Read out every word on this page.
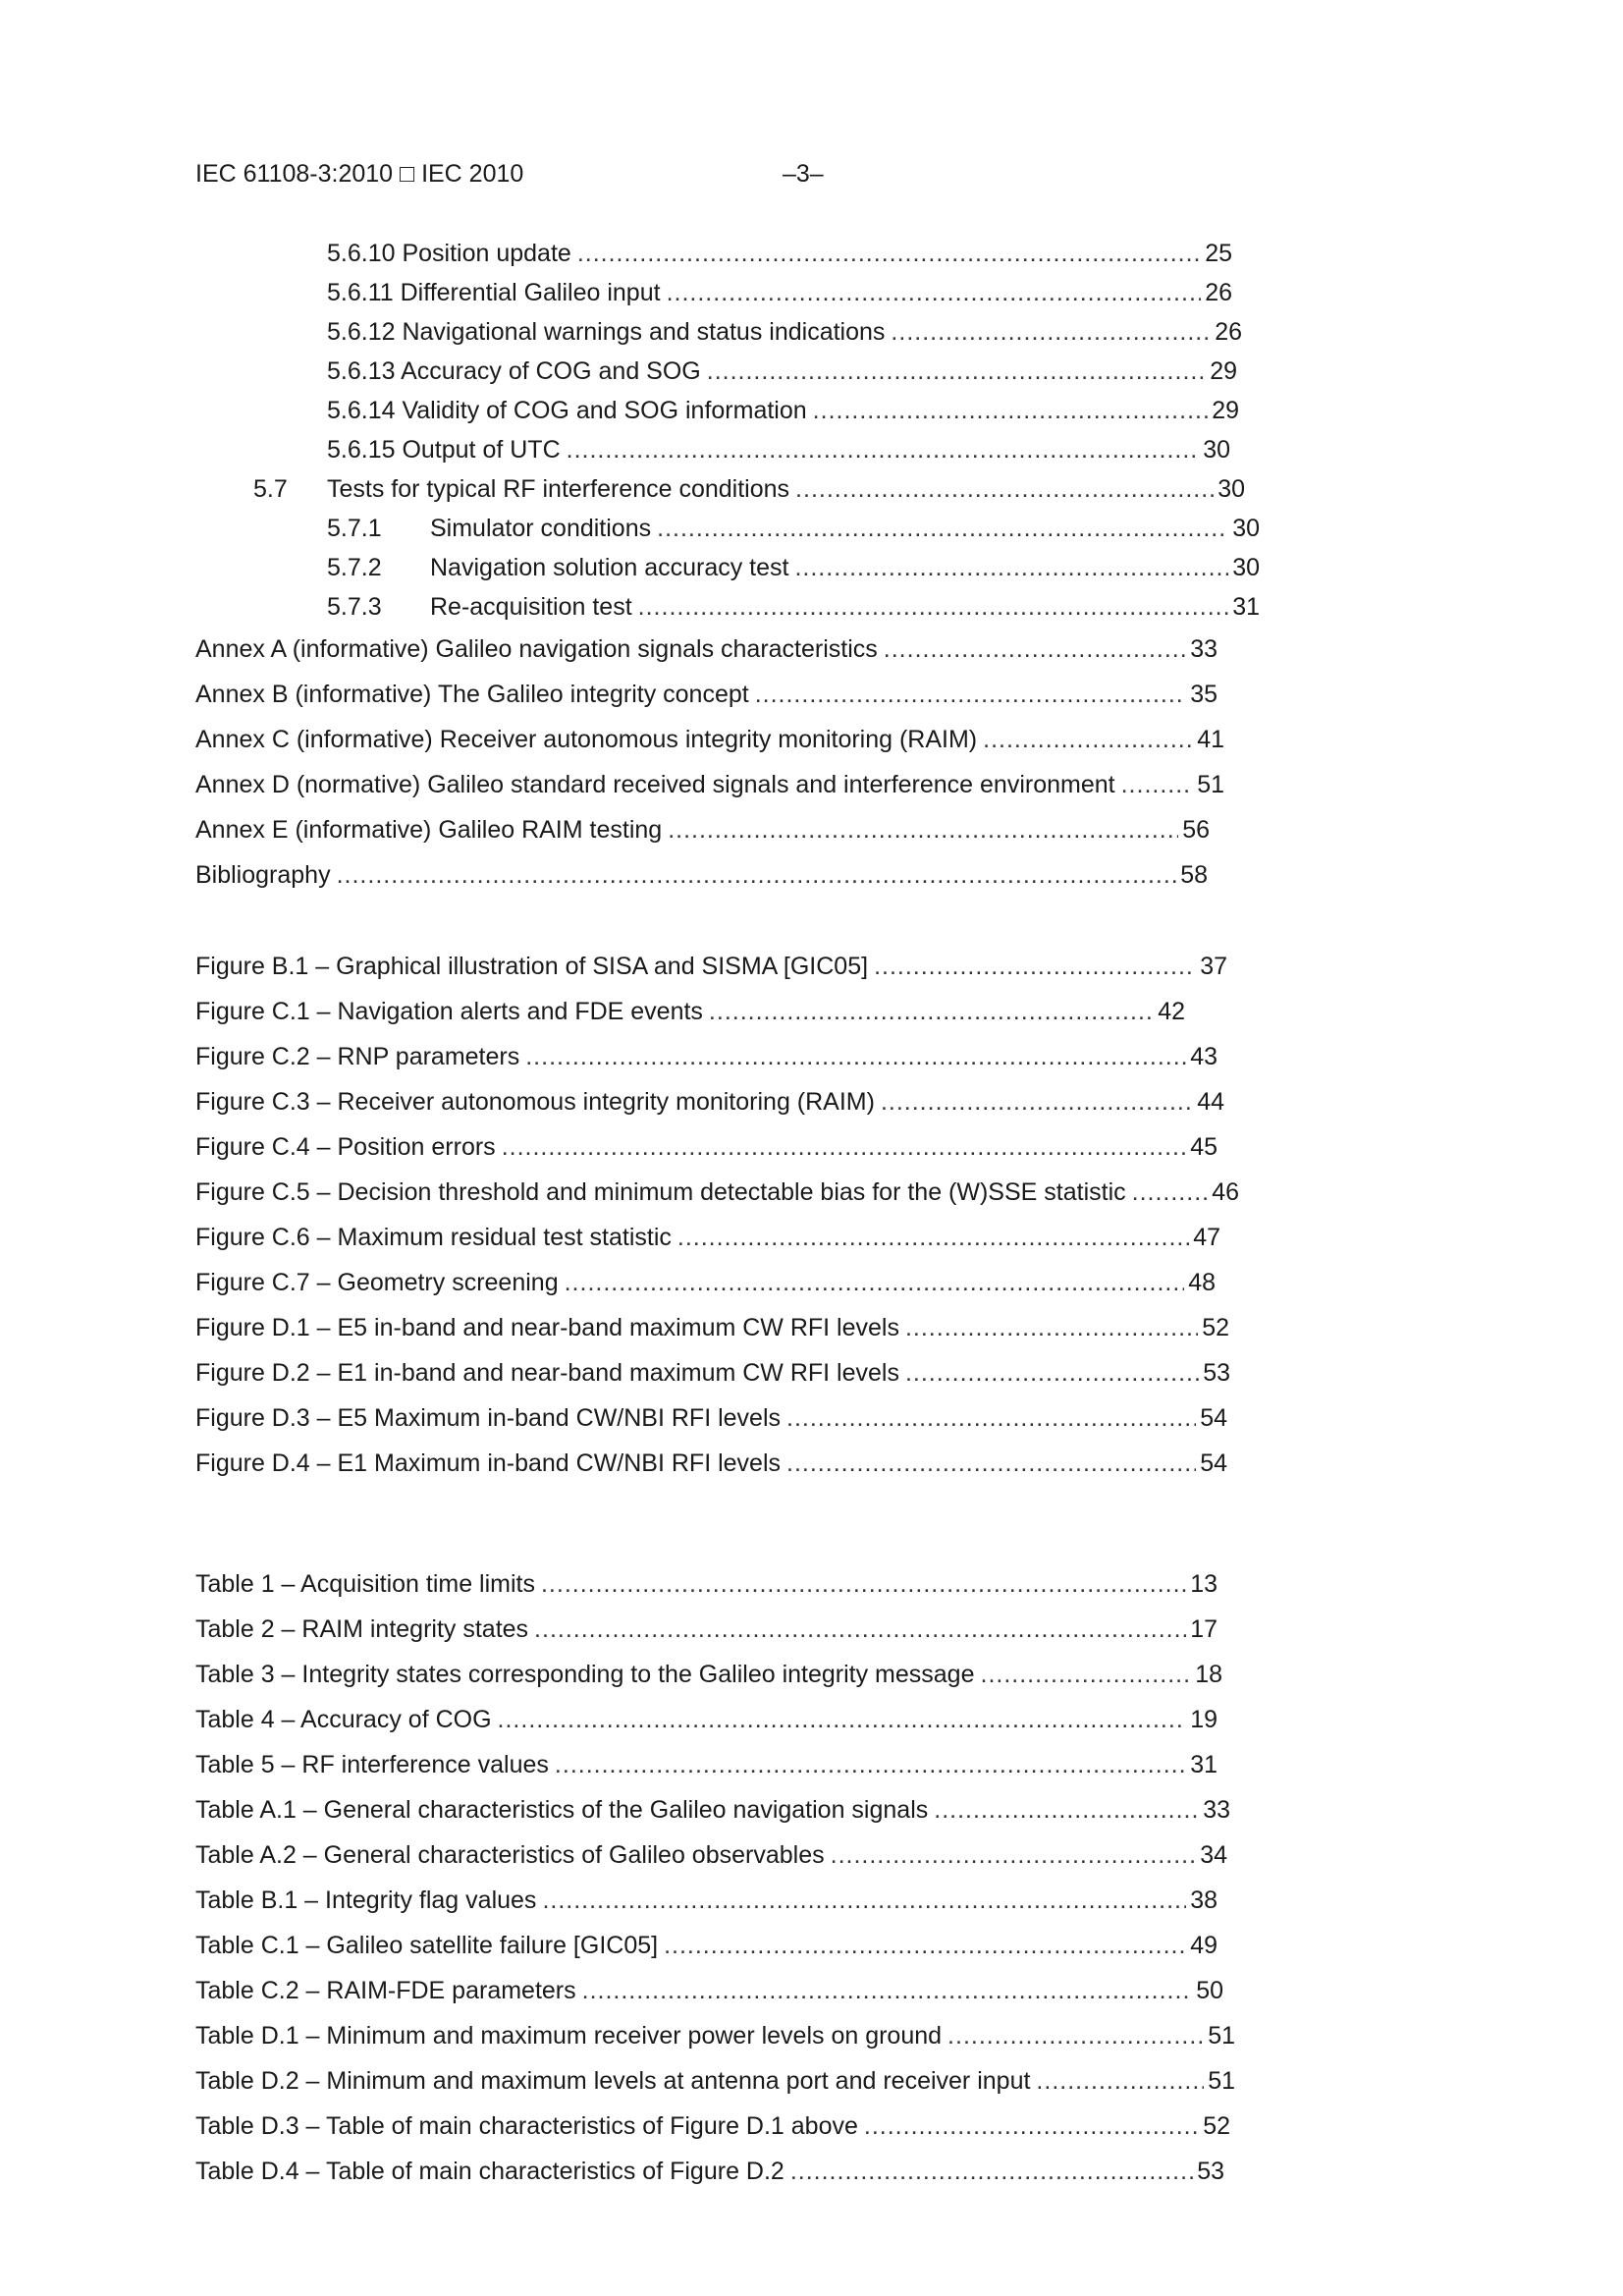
IEC 61108-3:2010 □ IEC 2010	–3–
5.6.10 Position update .....	25
5.6.11 Differential Galileo input .....	26
5.6.12 Navigational warnings and status indications .....	26
5.6.13 Accuracy of COG and SOG .....	29
5.6.14 Validity of COG and SOG information .....	29
5.6.15 Output of UTC .....	30
5.7	Tests for typical RF interference conditions .....	30
5.7.1	Simulator conditions .....	30
5.7.2	Navigation solution accuracy test .....	30
5.7.3	Re-acquisition test .....	31
Annex A (informative) Galileo navigation signals characteristics .....	33
Annex B (informative) The Galileo integrity concept .....	35
Annex C (informative) Receiver autonomous integrity monitoring (RAIM) .....	41
Annex D (normative) Galileo standard received signals and interference environment .....	51
Annex E (informative) Galileo RAIM testing .....	56
Bibliography .....	58
Figure B.1 – Graphical illustration of SISA and SISMA [GIC05] .....	37
Figure C.1 – Navigation alerts and FDE events .....	42
Figure C.2 – RNP parameters .....	43
Figure C.3 – Receiver autonomous integrity monitoring (RAIM) .....	44
Figure C.4 – Position errors .....	45
Figure C.5 – Decision threshold and minimum detectable bias for the (W)SSE statistic .....	46
Figure C.6 – Maximum residual test statistic .....	47
Figure C.7 – Geometry screening .....	48
Figure D.1 – E5 in-band and near-band maximum CW RFI levels .....	52
Figure D.2 – E1 in-band and near-band maximum CW RFI levels .....	53
Figure D.3 – E5 Maximum in-band CW/NBI RFI levels .....	54
Figure D.4 – E1 Maximum in-band CW/NBI RFI levels .....	54
Table 1 – Acquisition time limits .....	13
Table 2 – RAIM integrity states .....	17
Table 3 – Integrity states corresponding to the Galileo integrity message .....	18
Table 4 – Accuracy of COG .....	19
Table 5 – RF interference values .....	31
Table A.1 – General characteristics of the Galileo navigation signals .....	33
Table A.2 – General characteristics of Galileo observables .....	34
Table B.1 – Integrity flag values .....	38
Table C.1 – Galileo satellite failure [GIC05] .....	49
Table C.2 – RAIM-FDE parameters .....	50
Table D.1 – Minimum and maximum receiver power levels on ground .....	51
Table D.2 – Minimum and maximum levels at antenna port and receiver input .....	51
Table D.3 – Table of main characteristics of Figure D.1 above .....	52
Table D.4 – Table of main characteristics of Figure D.2 .....	53
